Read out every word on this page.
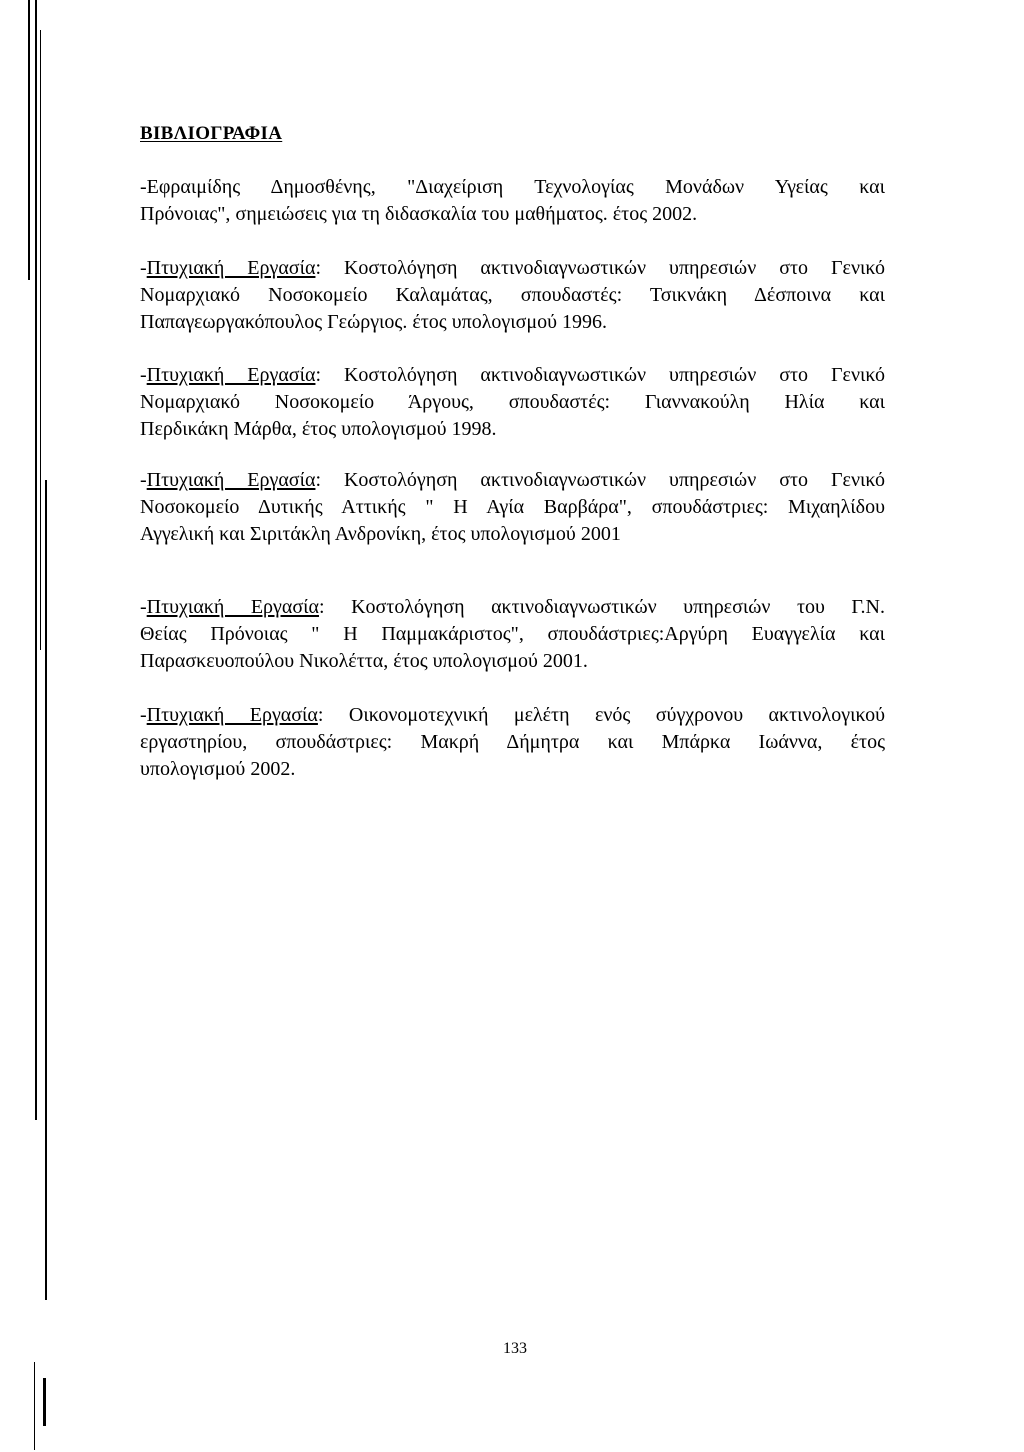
ΒΙΒΛΙΟΓΡΑΦΙΑ
-Εφραιμίδης Δημοσθένης, "Διαχείριση Τεχνολογίας Μονάδων Υγείας και
Πρόνοιας", σημειώσεις για τη διδασκαλία του μαθήματος. έτος 2002.
-Πτυχιακή Εργασία: Κοστολόγηση ακτινοδιαγνωστικών υπηρεσιών στο Γενικό
Νομαρχιακό Νοσοκομείο Καλαμάτας, σπουδαστές: Τσικνάκη Δέσποινα και
Παπαγεωργακόπουλος Γεώργιος. έτος υπολογισμού 1996.
-Πτυχιακή Εργασία: Κοστολόγηση ακτινοδιαγνωστικών υπηρεσιών στο Γενικό
Νομαρχιακό Νοσοκομείο Άργους, σπουδαστές: Γιαννακούλη Ηλία και
Περδικάκη Μάρθα, έτος υπολογισμού 1998.
-Πτυχιακή Εργασία: Κοστολόγηση ακτινοδιαγνωστικών υπηρεσιών στο Γενικό
Νοσοκομείο Δυτικής Αττικής " Η Αγία Βαρβάρα", σπουδάστριες: Μιχαηλίδου
Αγγελική και Σιριτάκλη Ανδρονίκη, έτος υπολογισμού 2001
-Πτυχιακή Εργασία: Κοστολόγηση ακτινοδιαγνωστικών υπηρεσιών του Γ.Ν.
Θείας Πρόνοιας " Η Παμμακάριστος", σπουδάστριες:Αργύρη Ευαγγελία και
Παρασκευοπούλου Νικολέττα, έτος υπολογισμού 2001.
-Πτυχιακή Εργασία: Οικονομοτεχνική μελέτη ενός σύγχρονου ακτινολογικού
εργαστηρίου, σπουδάστριες: Μακρή Δήμητρα και Μπάρκα Ιωάννα, έτος
υπολογισμού 2002.
133
